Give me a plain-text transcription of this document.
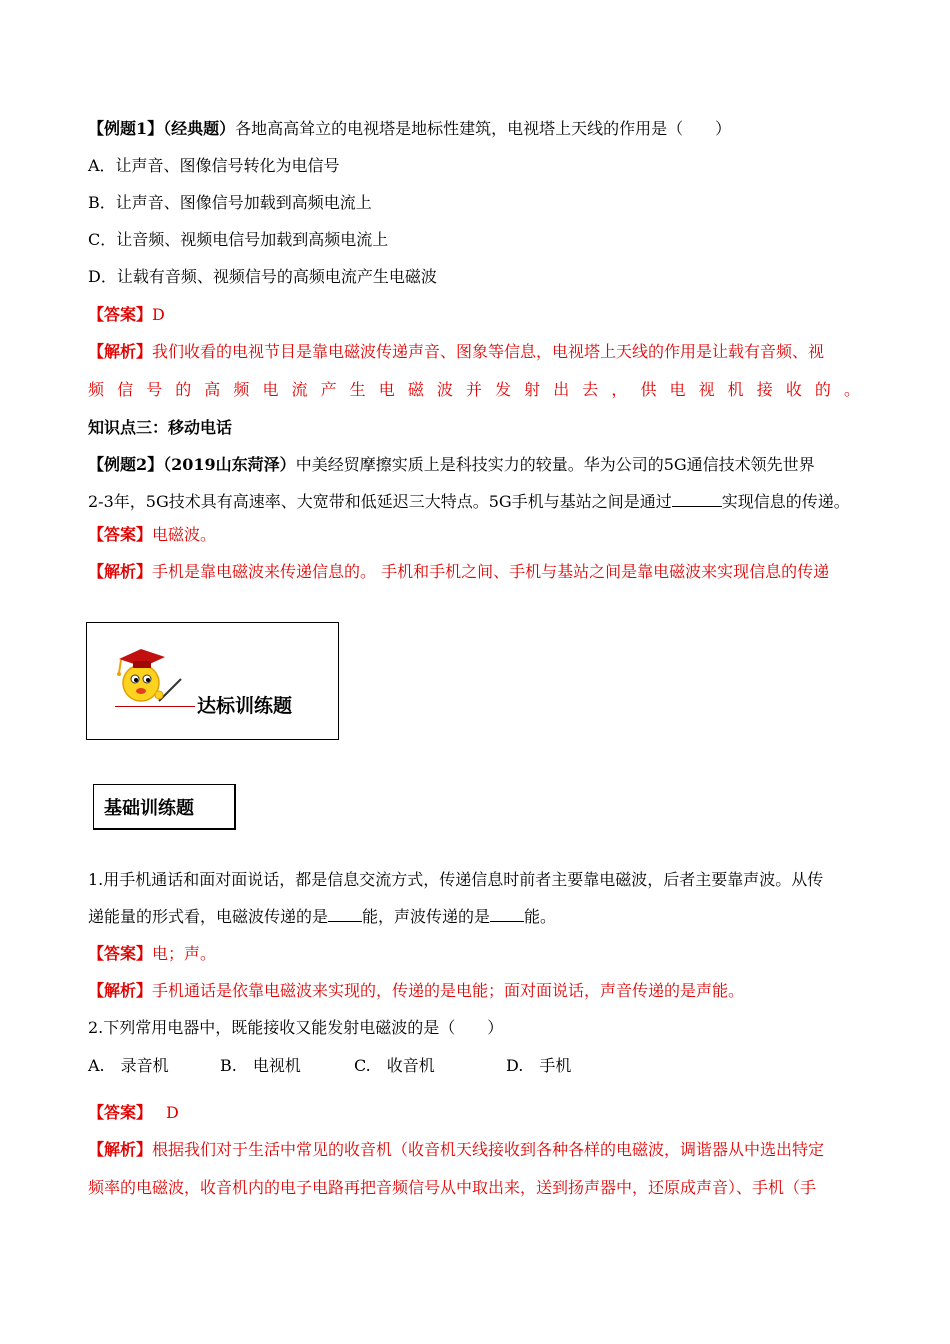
【例题1】（经典题）各地高高耸立的电视塔是地标性建筑，电视塔上天线的作用是（　　）
A．让声音、图像信号转化为电信号
B．让声音、图像信号加载到高频电流上
C．让音频、视频电信号加载到高频电流上
D．让载有音频、视频信号的高频电流产生电磁波
【答案】D
【解析】我们收看的电视节目是靠电磁波传递声音、图象等信息，电视塔上天线的作用是让载有音频、视
频信号的高频电流产生电磁波并发射出去，供电视机接收的。
知识点三：移动电话
【例题2】（2019山东菏泽）中美经贸摩擦实质上是科技实力的较量。华为公司的5G通信技术领先世界
2-3年，5G技术具有高速率、大宽带和低延迟三大特点。5G手机与基站之间是通过	实现信息的传递。
【答案】电磁波。
【解析】手机是靠电磁波来传递信息的。 手机和手机之间、手机与基站之间是靠电磁波来实现信息的传递
达标训练题
基础训练题
1.用手机通话和面对面说话，都是信息交流方式，传递信息时前者主要靠电磁波，后者主要靠声波。从传
递能量的形式看，电磁波传递的是 能，声波传递的是 能。
【答案】电；声。
【解析】手机通话是依靠电磁波来实现的，传递的是电能；面对面说话，声音传递的是声能。
2.下列常用电器中，既能接收又能发射电磁波的是（　　）
A.　录音机	B.　电视机	C.　收音机	D.　手机
【答案】 D
【解析】根据我们对于生活中常见的收音机（收音机天线接收到各种各样的电磁波，调谐器从中选出特定
频率的电磁波，收音机内的电子电路再把音频信号从中取出来，送到扬声器中，还原成声音）、手机（手
